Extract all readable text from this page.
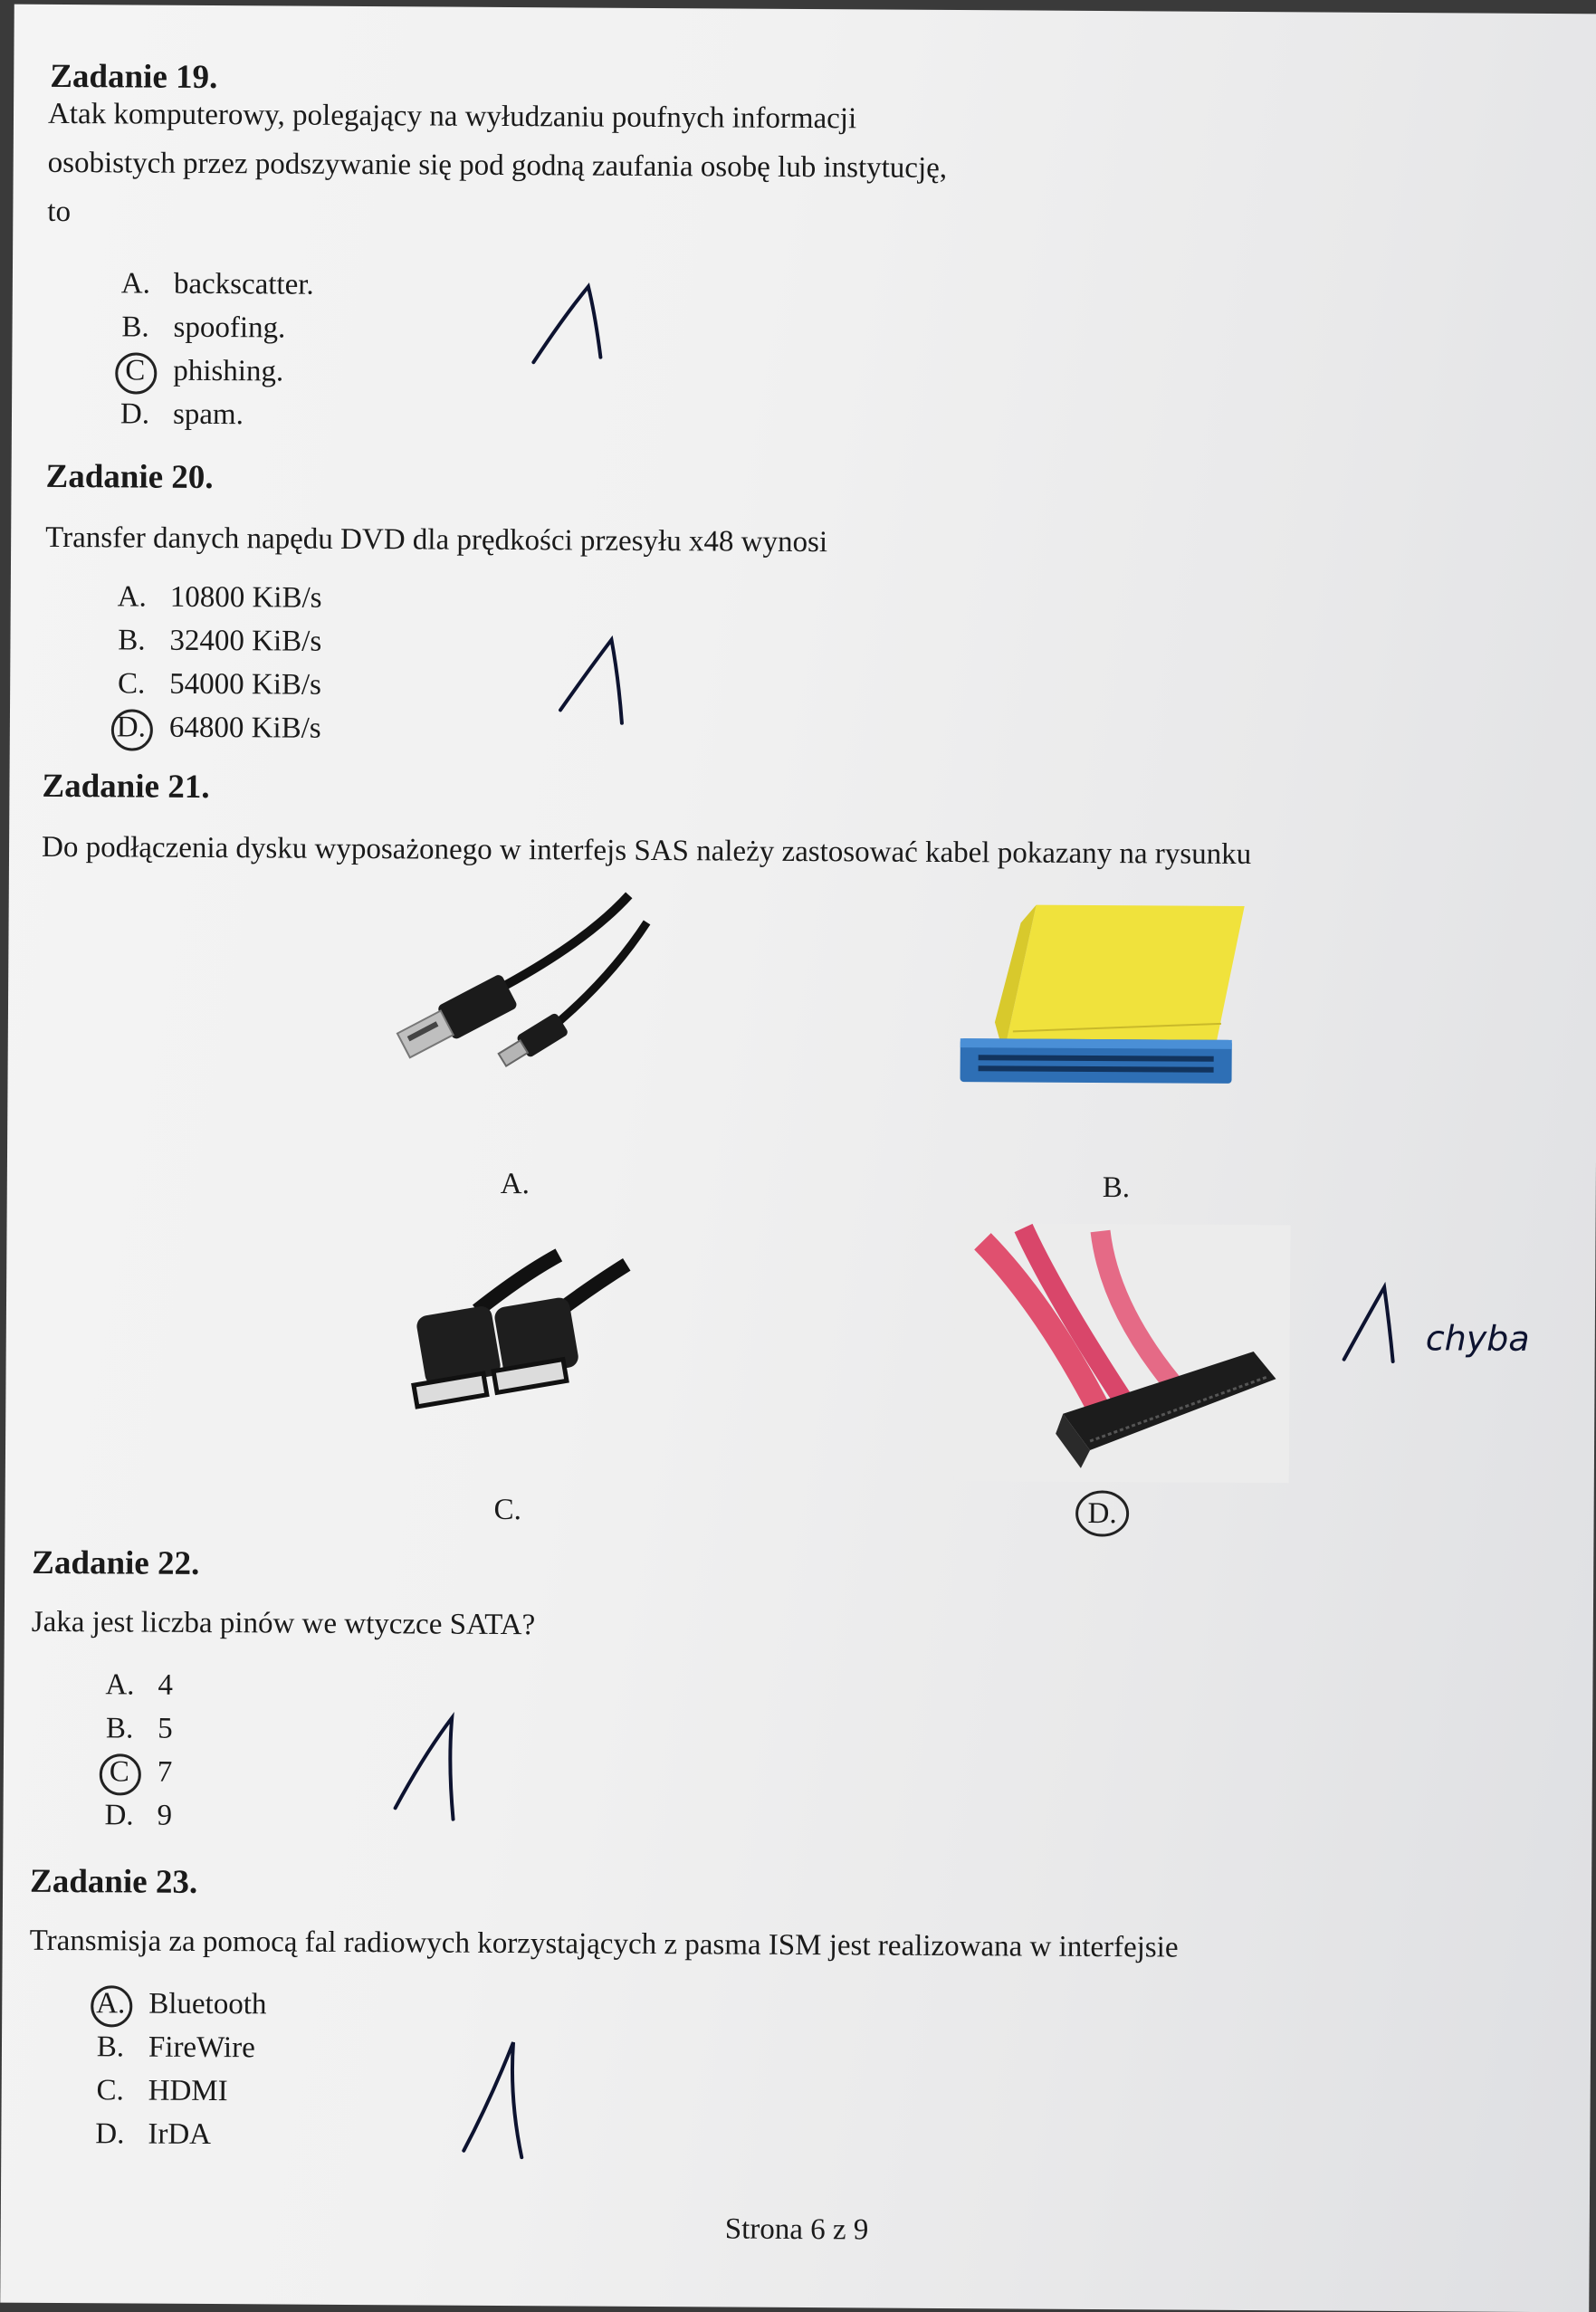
Zadanie 19.
Atak komputerowy, polegający na wyłudzaniu poufnych informacji osobistych przez podszywanie się pod godną zaufania osobę lub instytucję, to
A. backscatter.
B. spoofing.
C phishing.
D. spam.
Zadanie 20.
Transfer danych napędu DVD dla prędkości przesyłu x48 wynosi
A. 10800 KiB/s
B. 32400 KiB/s
C. 54000 KiB/s
D. 64800 KiB/s
Zadanie 21.
Do podłączenia dysku wyposażonego w interfejs SAS należy zastosować kabel pokazany na rysunku
A.	B.
C.	D.
chyba
Zadanie 22.
Jaka jest liczba pinów we wtyczce SATA?
A. 4
B. 5
C 7
D. 9
Zadanie 23.
Transmisja za pomocą fal radiowych korzystających z pasma ISM jest realizowana w interfejsie
A. Bluetooth
B. FireWire
C. HDMI
D. IrDA
Strona 6 z 9
